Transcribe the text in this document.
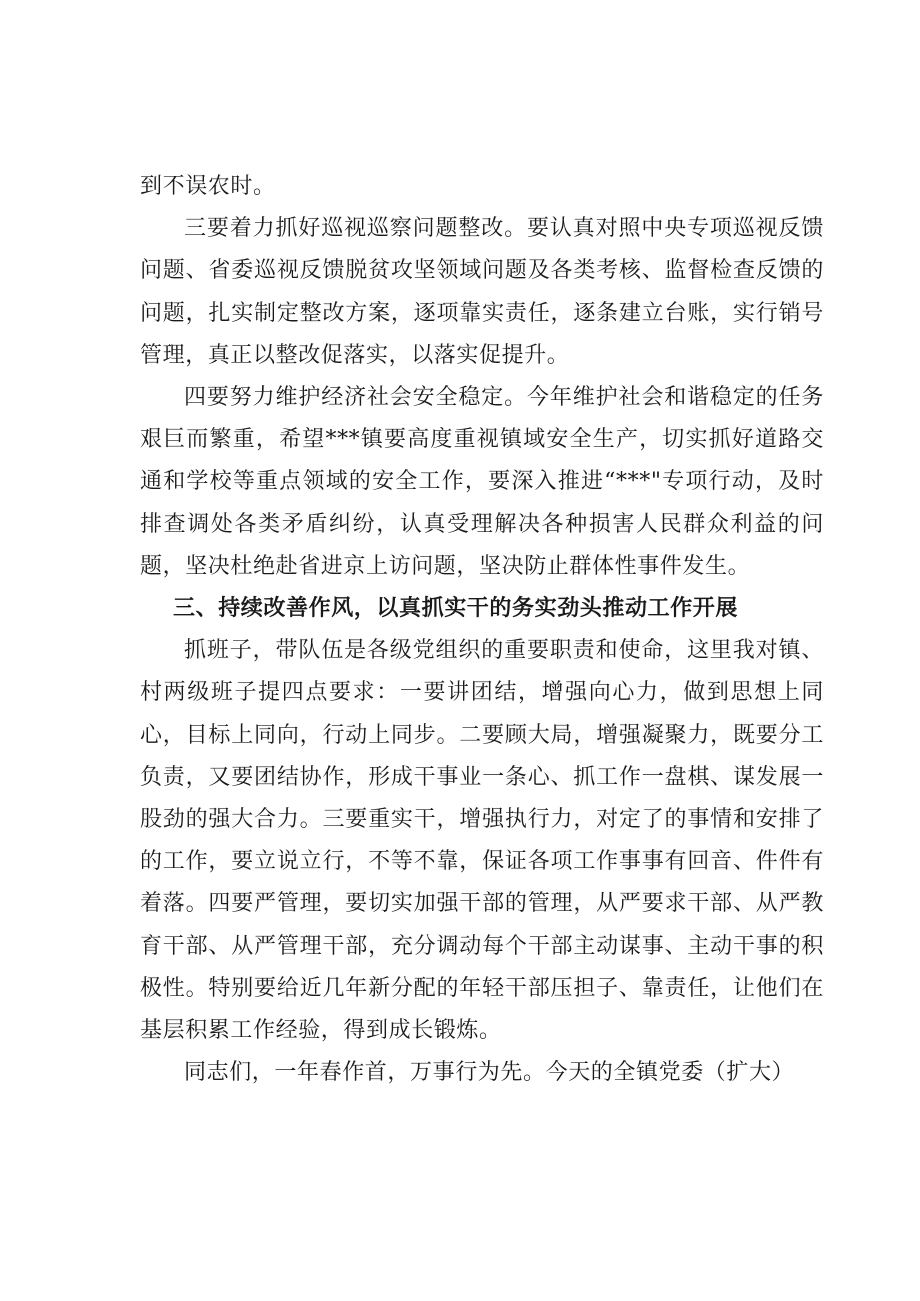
到不误农时。

三要着力抓好巡视巡察问题整改。要认真对照中央专项巡视反馈问题、省委巡视反馈脱贫攻坚领域问题及各类考核、监督检查反馈的问题，扎实制定整改方案，逐项靠实责任，逐条建立台账，实行销号管理，真正以整改促落实，以落实促提升。

四要努力维护经济社会安全稳定。今年维护社会和谐稳定的任务艰巨而繁重，希望***镇要高度重视镇域安全生产，切实抓好道路交通和学校等重点领域的安全工作，要深入推进“***"专项行动，及时排查调处各类矛盾纠纷，认真受理解决各种损害人民群众利益的问题，坚决杜绝赴省进京上访问题，坚决防止群体性事件发生。

三、持续改善作风，以真抓实干的务实劲头推动工作开展

抓班子，带队伍是各级党组织的重要职责和使命，这里我对镇、村两级班子提四点要求：一要讲团结，增强向心力，做到思想上同心，目标上同向，行动上同步。二要顾大局，增强凝聚力，既要分工负责，又要团结协作，形成干事业一条心、抓工作一盘棋、谋发展一股劲的强大合力。三要重实干，增强执行力，对定了的事情和安排了的工作，要立说立行，不等不靠，保证各项工作事事有回音、件件有着落。四要严管理，要切实加强干部的管理，从严要求干部、从严教育干部、从严管理干部，充分调动每个干部主动谋事、主动干事的积极性。特别要给近几年新分配的年轻干部压担子、靠责任，让他们在基层积累工作经验，得到成长锻炼。

同志们，一年春作首，万事行为先。今天的全镇党委（扩大）
